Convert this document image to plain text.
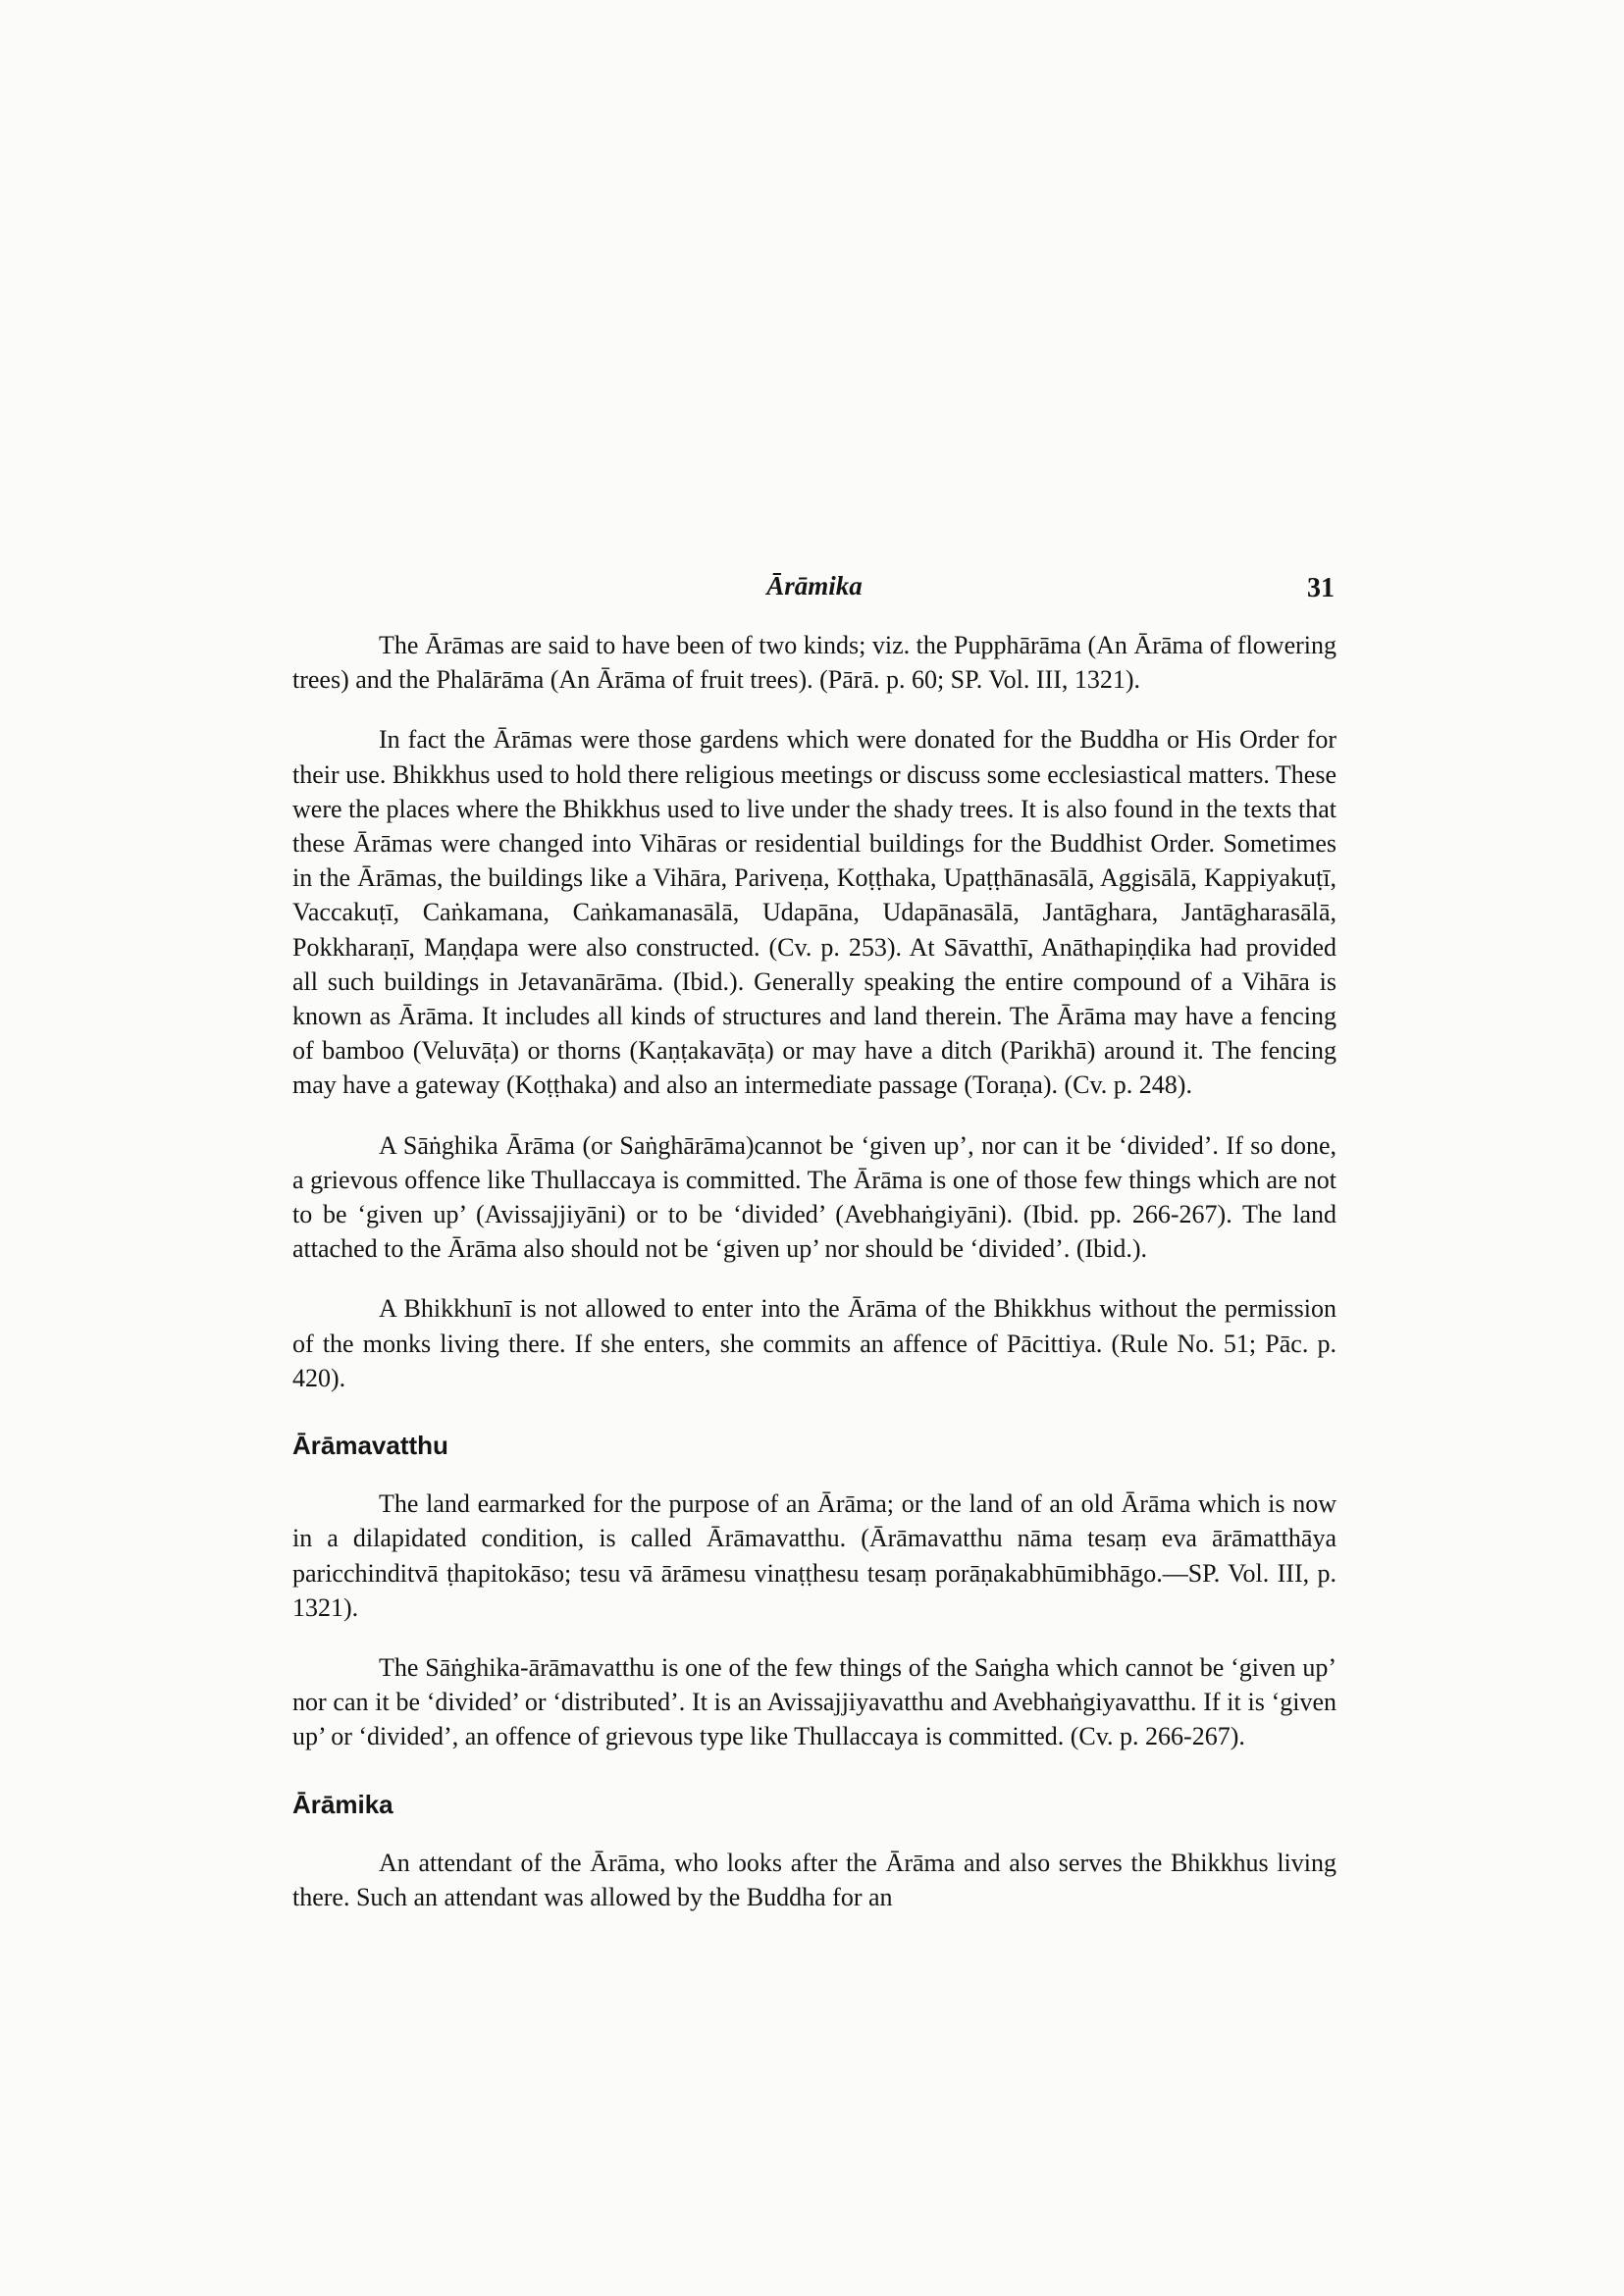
Ārāmika	31

The Ārāmas are said to have been of two kinds; viz. the Pupphārāma (An Ārāma of flowering trees) and the Phalārāma (An Ārāma of fruit trees). (Pārā. p. 60; SP. Vol. III, 1321).

In fact the Ārāmas were those gardens which were donated for the Buddha or His Order for their use. Bhikkhus used to hold there religious meetings or discuss some ecclesiastical matters. These were the places where the Bhikkhus used to live under the shady trees. It is also found in the texts that these Ārāmas were changed into Vihāras or residential buildings for the Buddhist Order. Sometimes in the Ārāmas, the buildings like a Vihāra, Pariveṇa, Koṭṭhaka, Upaṭṭhānasālā, Aggisālā, Kappiyakuṭī, Vaccakuṭī, Caṅkamana, Caṅkamanasālā, Udapāna, Udapānasālā, Jantāghara, Jantāgharasālā, Pokkharaṇī, Maṇḍapa were also constructed. (Cv. p. 253). At Sāvatthī, Anāthapiṇḍika had provided all such buildings in Jetavanārāma. (Ibid.). Generally speaking the entire compound of a Vihāra is known as Ārāma. It includes all kinds of structures and land therein. The Ārāma may have a fencing of bamboo (Veluvāṭa) or thorns (Kaṇṭakavāṭa) or may have a ditch (Parikhā) around it. The fencing may have a gateway (Koṭṭhaka) and also an intermediate passage (Toraṇa). (Cv. p. 248).

A Sāṅghika Ārāma (or Saṅghārāma)cannot be ‘given up’, nor can it be ‘divided’. If so done, a grievous offence like Thullaccaya is committed. The Ārāma is one of those few things which are not to be ‘given up’ (Avissajjiyāni) or to be ‘divided’ (Avebhaṅgiyāni). (Ibid. pp. 266-267). The land attached to the Ārāma also should not be ‘given up’ nor should be ‘divided’. (Ibid.).

A Bhikkhunī is not allowed to enter into the Ārāma of the Bhikkhus without the permission of the monks living there. If she enters, she commits an affence of Pācittiya. (Rule No. 51; Pāc. p. 420).

Ārāmavatthu

The land earmarked for the purpose of an Ārāma; or the land of an old Ārāma which is now in a dilapidated condition, is called Ārāmavatthu. (Ārāmavatthu nāma tesaṃ eva ārāmatthāya paricchinditvā ṭhapitokāso; tesu vā ārāmesu vinaṭṭhesu tesaṃ porāṇakabhūmibhāgo.—SP. Vol. III, p. 1321).

The Sāṅghika-ārāmavatthu is one of the few things of the Saṅgha which cannot be ‘given up’ nor can it be ‘divided’ or ‘distributed’. It is an Avissajjiyavatthu and Avebhaṅgiyavatthu. If it is ‘given up’ or ‘divided’, an offence of grievous type like Thullaccaya is committed. (Cv. p. 266-267).

Ārāmika

An attendant of the Ārāma, who looks after the Ārāma and also serves the Bhikkhus living there. Such an attendant was allowed by the Buddha for an
